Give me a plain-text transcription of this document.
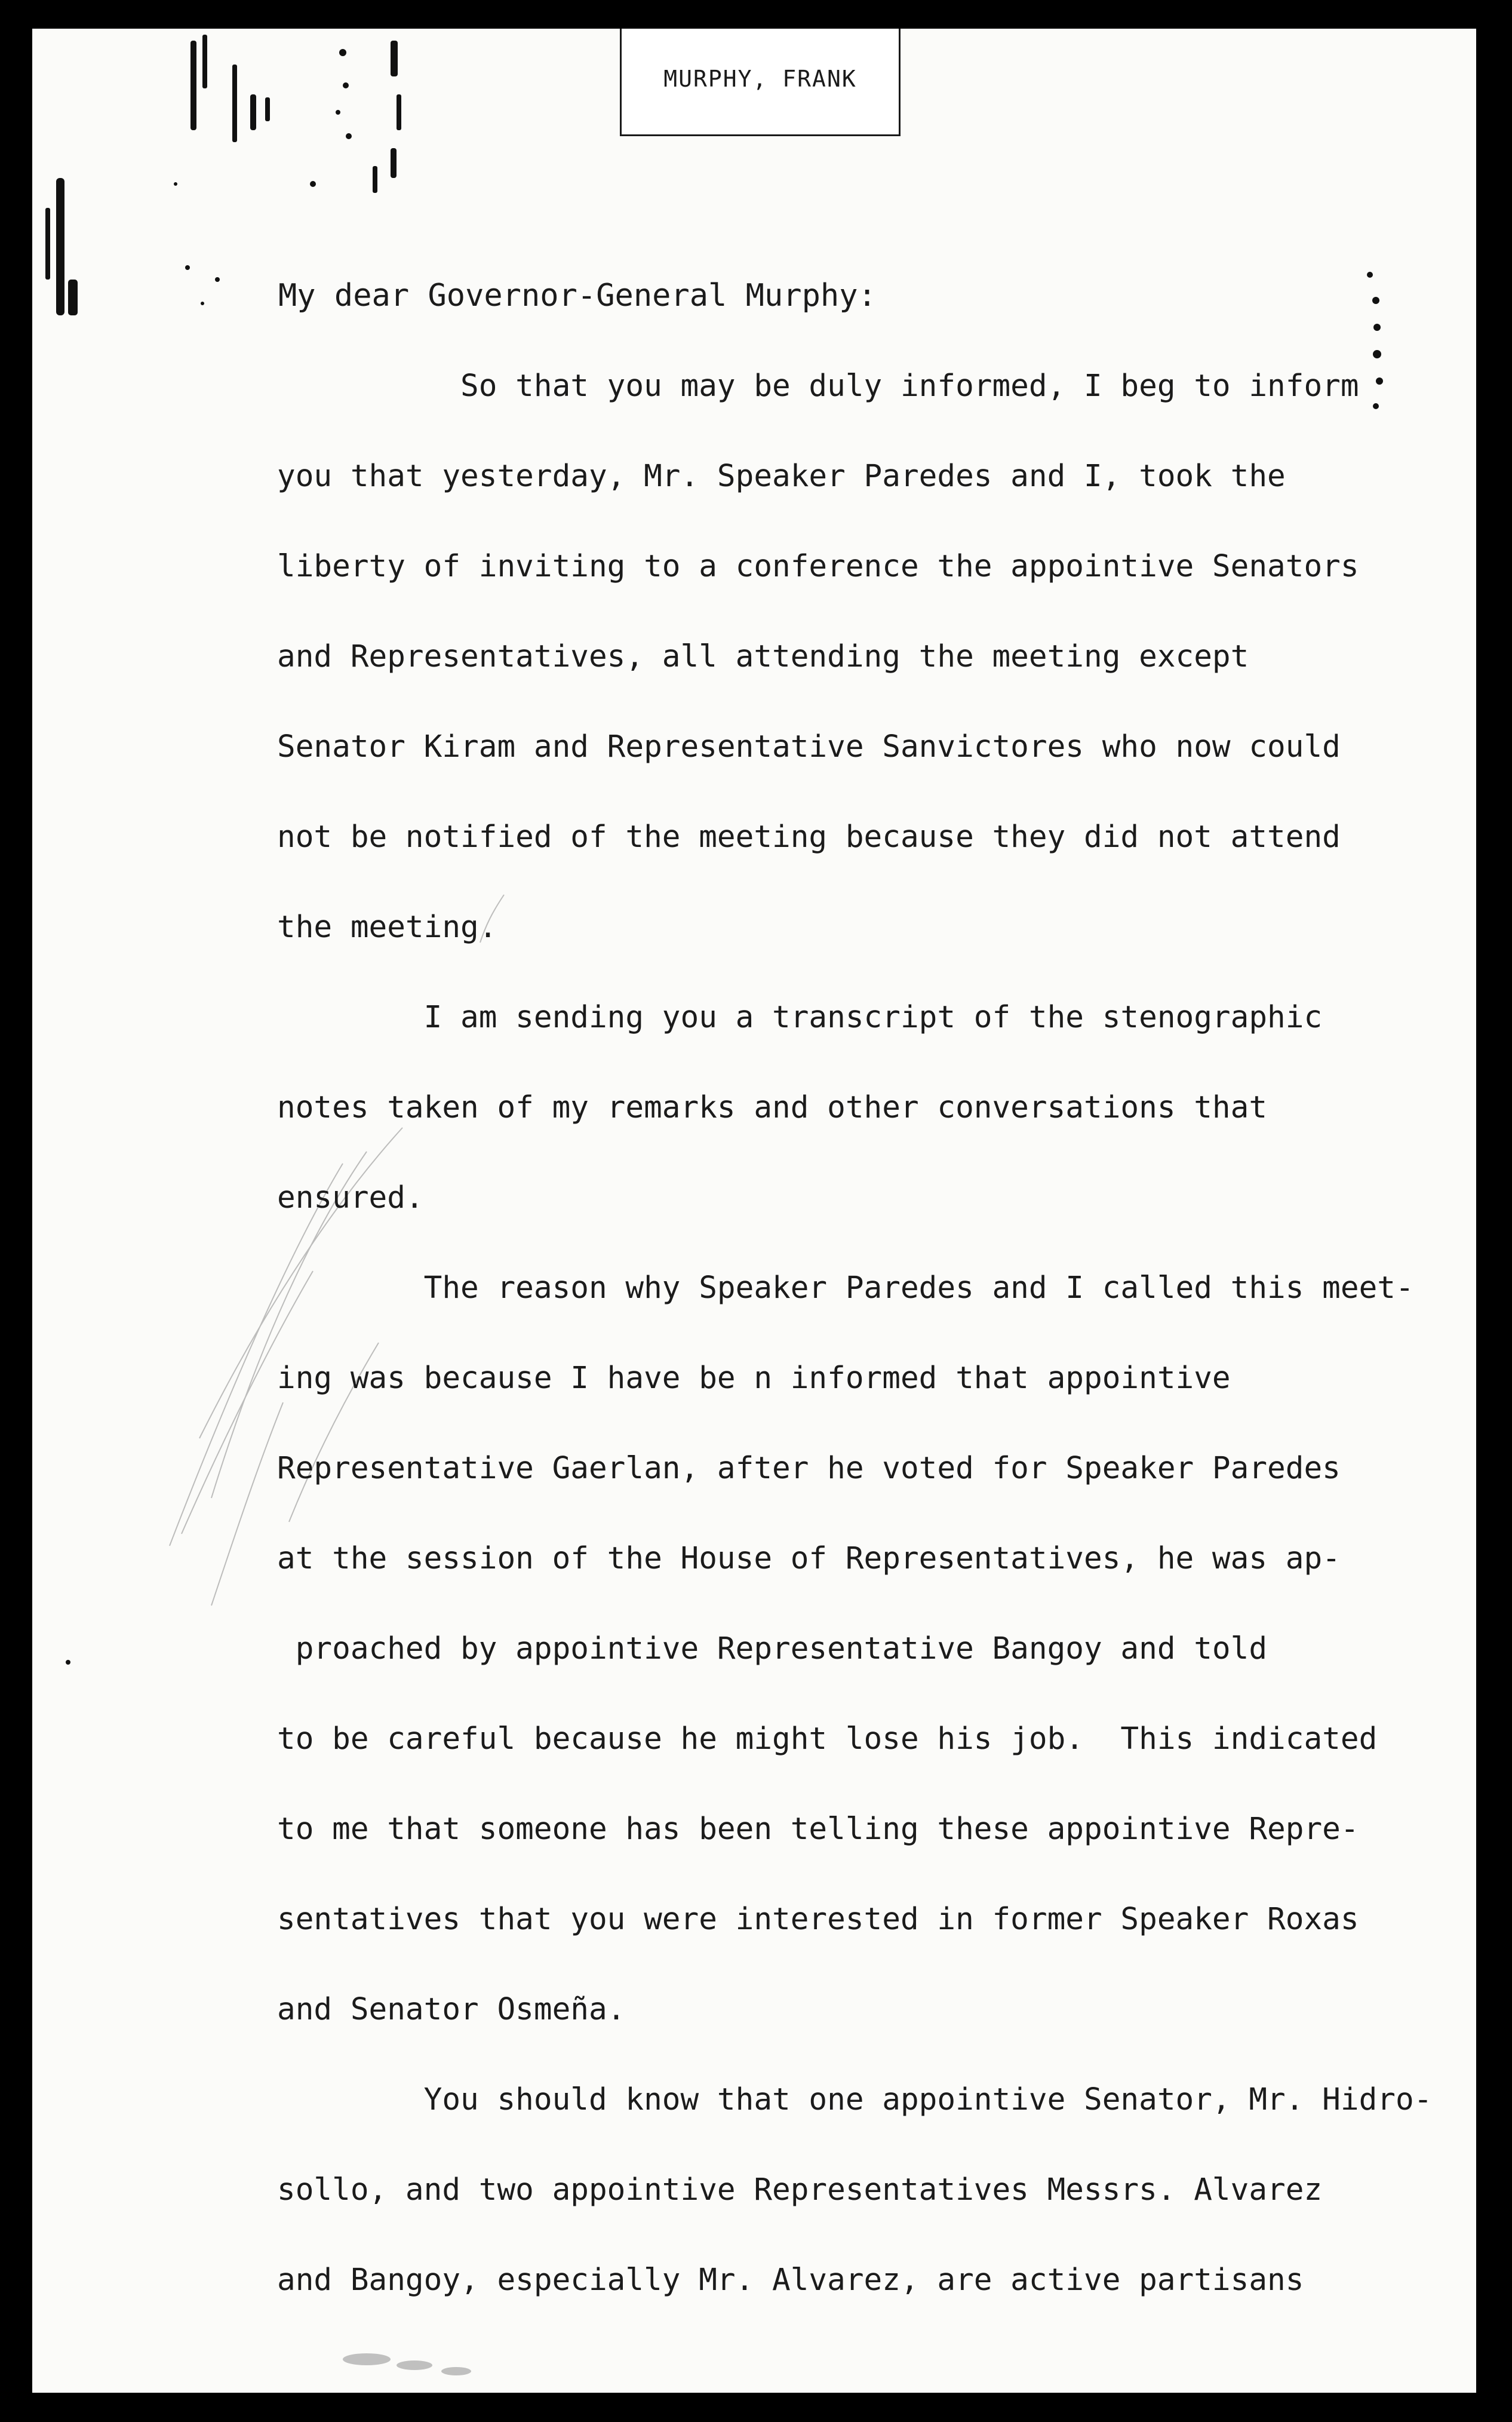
MURPHY, FRANK
My dear Governor-General Murphy:

So that you may be duly informed, I beg to inform

you that yesterday, Mr. Speaker Paredes and I, took the

liberty of inviting to a conference the appointive Senators

and Representatives, all attending the meeting except

Senator Kiram and Representative Sanvictores who now could

not be notified of the meeting because they did not attend

the meeting.

I am sending you a transcript of the stenographic

notes taken of my remarks and other conversations that

ensured.

The reason why Speaker Paredes and I called this meet-

ing was because I have be n informed that appointive

Representative Gaerlan, after he voted for Speaker Paredes

at the session of the House of Representatives, he was ap-

proached by appointive Representative Bangoy and told

to be careful because he might lose his job.  This indicated

to me that someone has been telling these appointive Repre-

sentatives that you were interested in former Speaker Roxas

and Senator Osmeña.

You should know that one appointive Senator, Mr. Hidro-

sollo, and two appointive Representatives Messrs. Alvarez

and Bangoy, especially Mr. Alvarez, are active partisans
